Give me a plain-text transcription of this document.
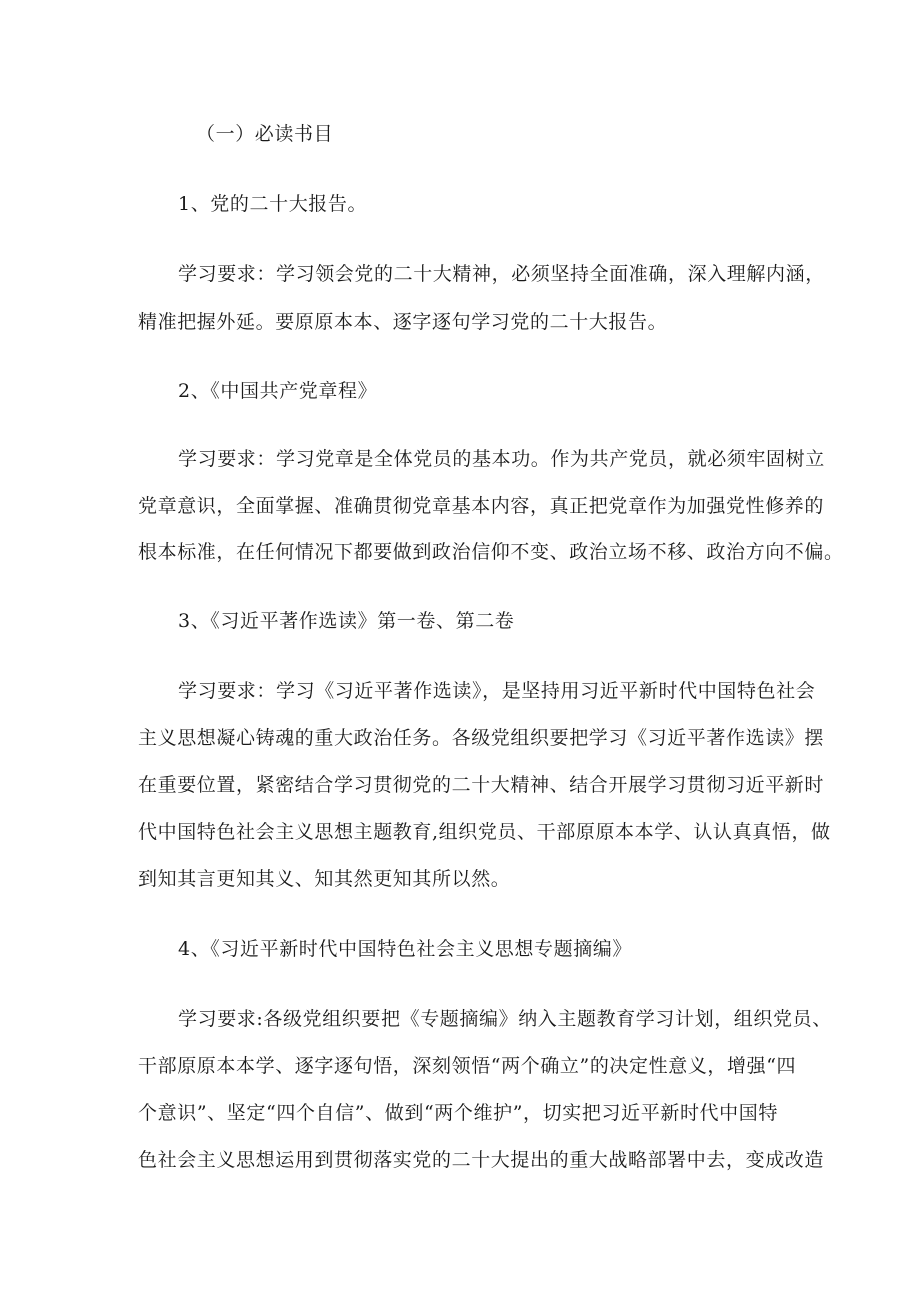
（一）必读书目
1、党的二十大报告。
学习要求：学习领会党的二十大精神，必须坚持全面准确，深入理解内涵，
精准把握外延。要原原本本、逐字逐句学习党的二十大报告。
2、《中国共产党章程》
学习要求：学习党章是全体党员的基本功。作为共产党员，就必须牢固树立
党章意识，全面掌握、准确贯彻党章基本内容，真正把党章作为加强党性修养的
根本标准，在任何情况下都要做到政治信仰不变、政治立场不移、政治方向不偏。
3、《习近平著作选读》第一卷、第二卷
学习要求：学习《习近平著作选读》，是坚持用习近平新时代中国特色社会
主义思想凝心铸魂的重大政治任务。各级党组织要把学习《习近平著作选读》摆
在重要位置，紧密结合学习贯彻党的二十大精神、结合开展学习贯彻习近平新时
代中国特色社会主义思想主题教育,组织党员、干部原原本本学、认认真真悟，做
到知其言更知其义、知其然更知其所以然。
4、《习近平新时代中国特色社会主义思想专题摘编》
学习要求:各级党组织要把《专题摘编》纳入主题教育学习计划，组织党员、
干部原原本本学、逐字逐句悟，深刻领悟“两个确立”的决定性意义，增强“四
个意识”、坚定“四个自信”、做到“两个维护”，切实把习近平新时代中国特
色社会主义思想运用到贯彻落实党的二十大提出的重大战略部署中去，变成改造
